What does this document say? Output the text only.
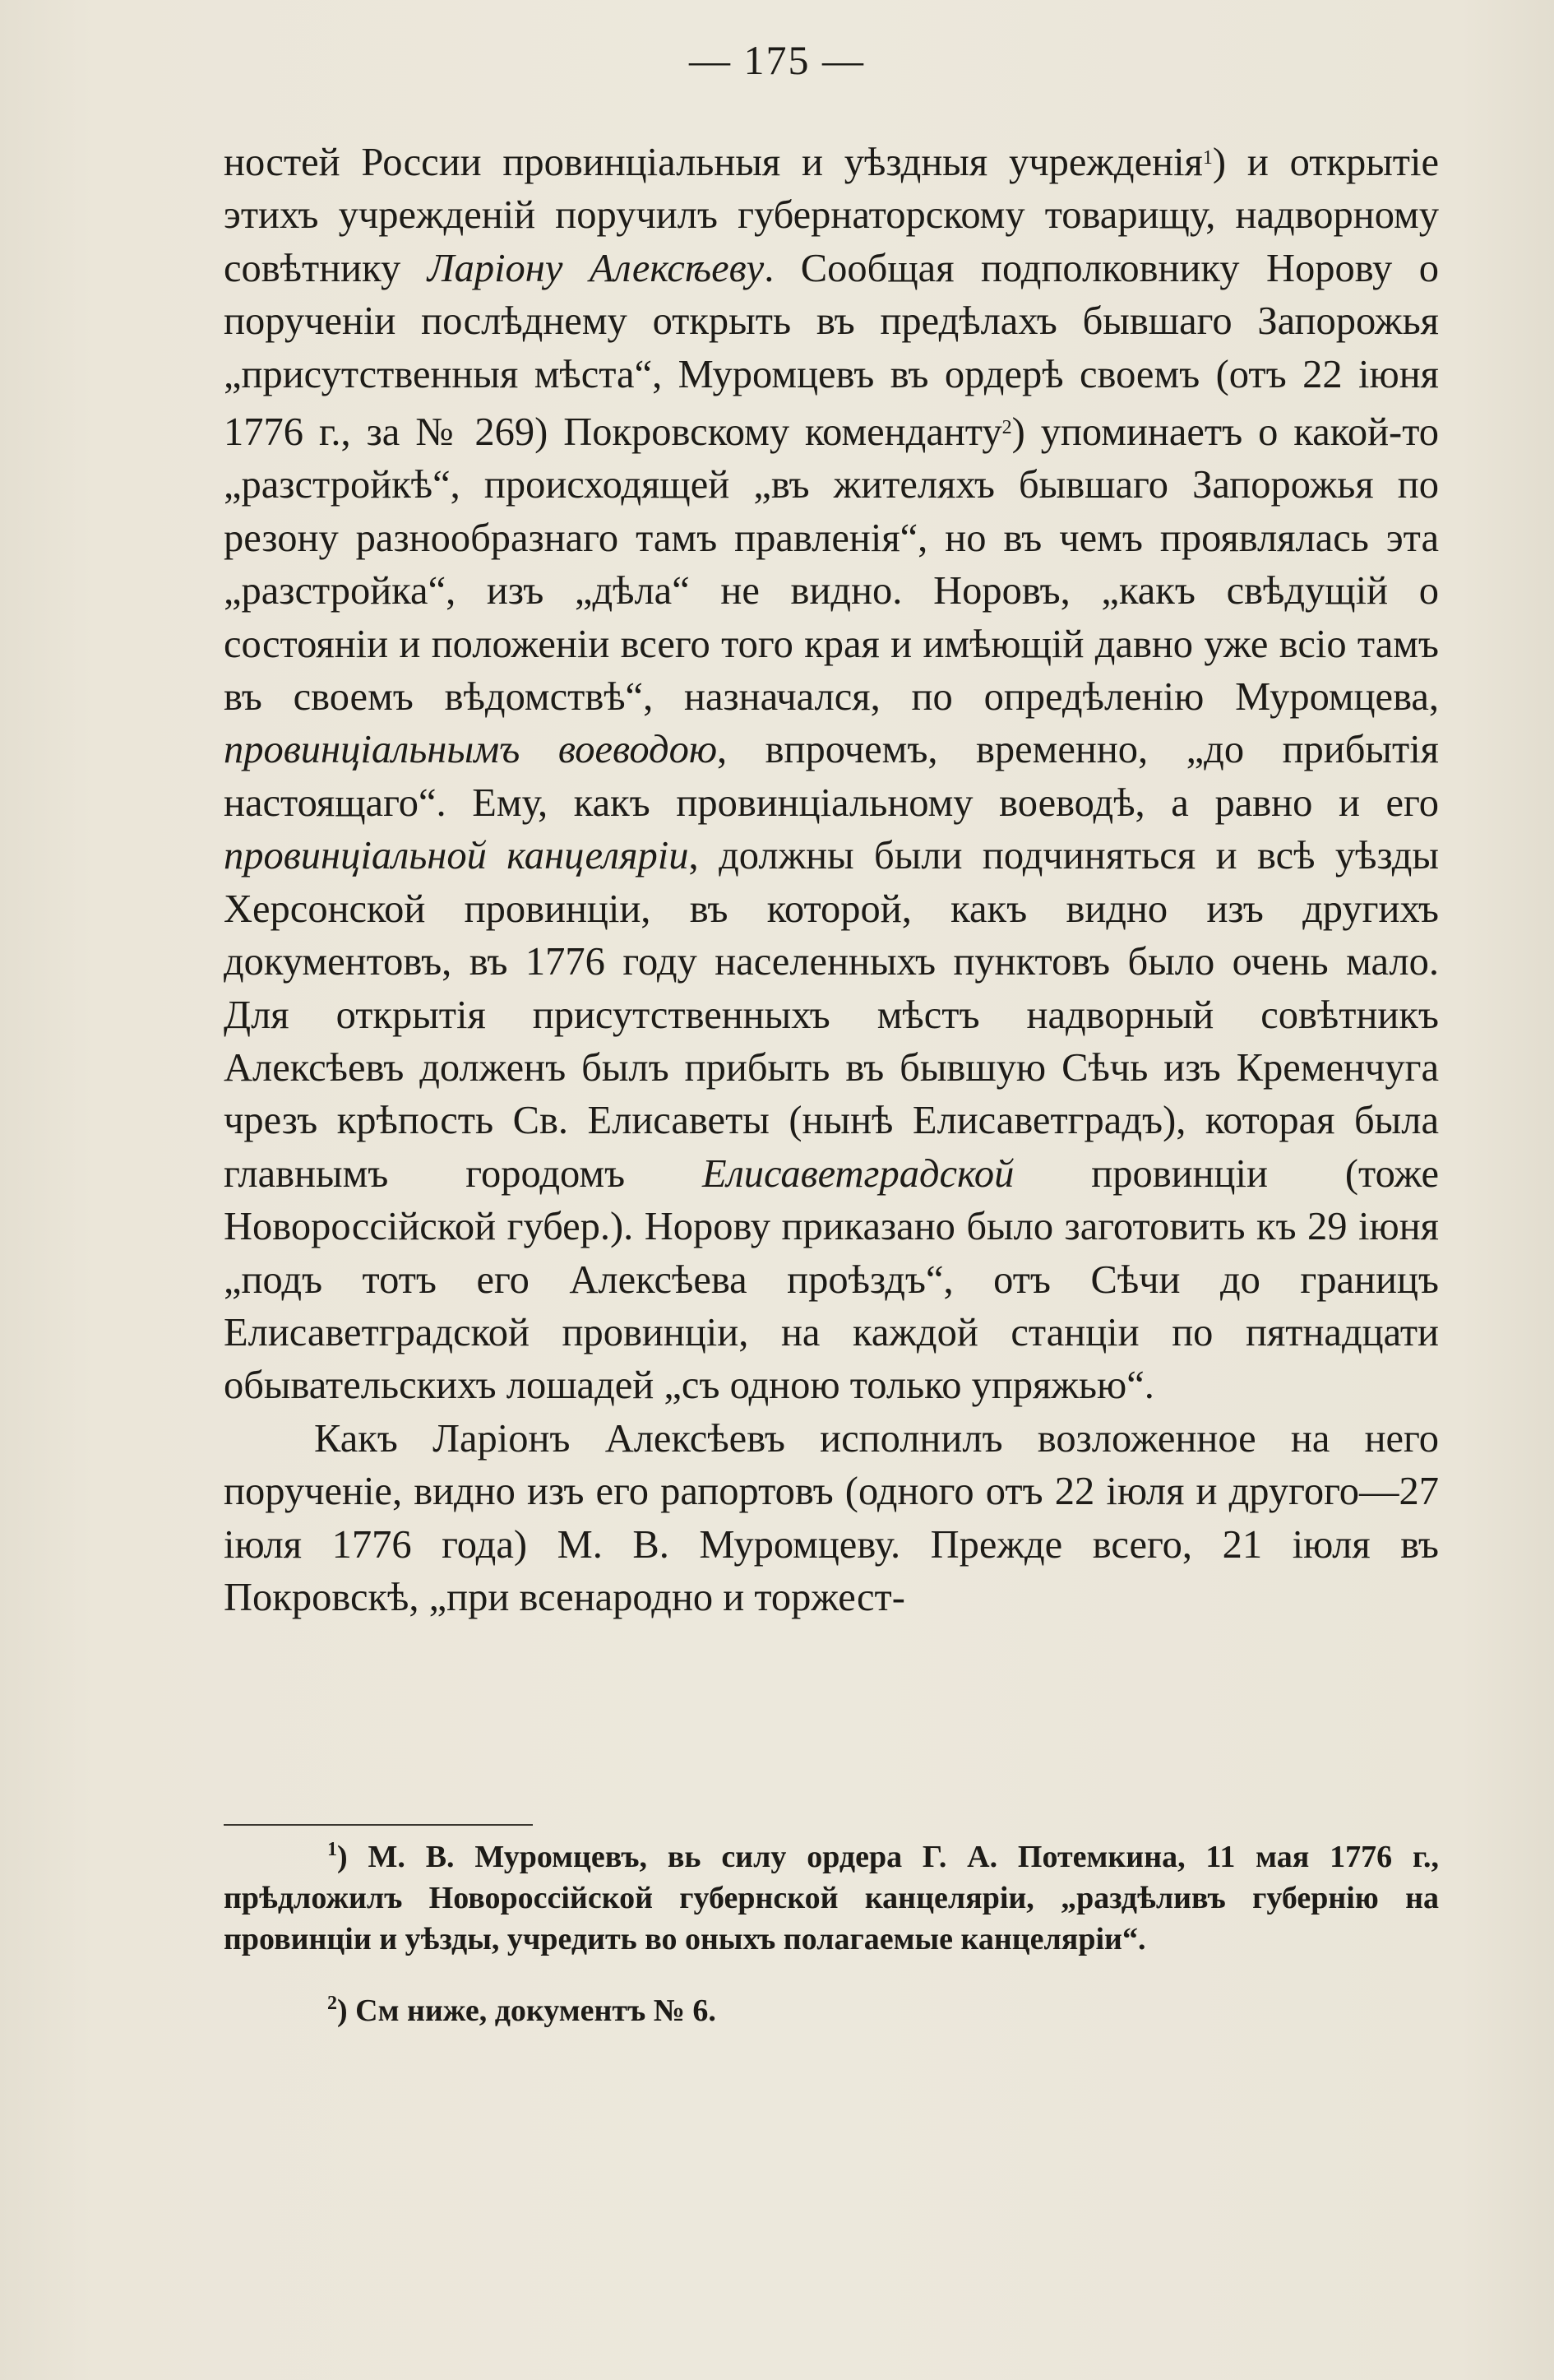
— 175 —

ностей России провинціальныя и уѣздныя учрежденія$^1$) и открытіе этихъ учрежденій поручилъ губернаторскому товарищу, надворному совѣтнику Ларіону Алексѣеву. Сообщая подполковнику Норову о порученіи послѣднему открыть въ предѣлахъ бывшаго Запорожья „присутственныя мѣста“, Муромцевъ въ ордерѣ своемъ (отъ 22 іюня 1776 г., за № 269) Покровскому коменданту$^2$) упоминаетъ о какой-то „разстройкѣ“, происходящей „въ жителяхъ бывшаго Запорожья по резону разнообразнаго тамъ правленія“, но въ чемъ проявлялась эта „разстройка“, изъ „дѣла“ не видно. Норовъ, „какъ свѣдущій о состояніи и положеніи всего того края и имѣющій давно уже всіо тамъ въ своемъ вѣдомствѣ“, назначался, по опредѣленію Муромцева, провинціальнымъ воеводою, впрочемъ, временно, „до прибытія настоящаго“. Ему, какъ провинціальному воеводѣ, а равно и его провинціальной канцеляріи, должны были подчиняться и всѣ уѣзды Херсонской провинціи, въ которой, какъ видно изъ другихъ документовъ, въ 1776 году населенныхъ пунктовъ было очень мало. Для открытія присутственныхъ мѣстъ надворный совѣтникъ Алексѣевъ долженъ былъ прибыть въ бывшую Сѣчь изъ Кременчуга чрезъ крѣпость Св. Елисаветы (нынѣ Елисаветградъ), которая была главнымъ городомъ Елисаветградской провинціи (тоже Новороссійской губер.). Норову приказано было заготовить къ 29 іюня „подъ тотъ его Алексѣева проѣздъ“, отъ Сѣчи до границъ Елисаветградской провинціи, на каждой станціи по пятнадцати обывательскихъ лошадей „съ одною только упряжью“.

Какъ Ларіонъ Алексѣевъ исполнилъ возложенное на него порученіе, видно изъ его рапортовъ (одного отъ 22 іюля и другого—27 іюля 1776 года) М. В. Муромцеву. Прежде всего, 21 іюля въ Покровскѣ, „при всенародно и торжест-

$^1$) М. В. Муромцевъ, вь силу ордера Г. А. Потемкина, 11 мая 1776 г., прѣдложилъ Новороссійской губернской канцеляріи, „раздѣливъ губернію на провинціи и уѣзды, учредить во оныхъ полагаемые канцеляріи“.

$^2$) См ниже, документъ № 6.
